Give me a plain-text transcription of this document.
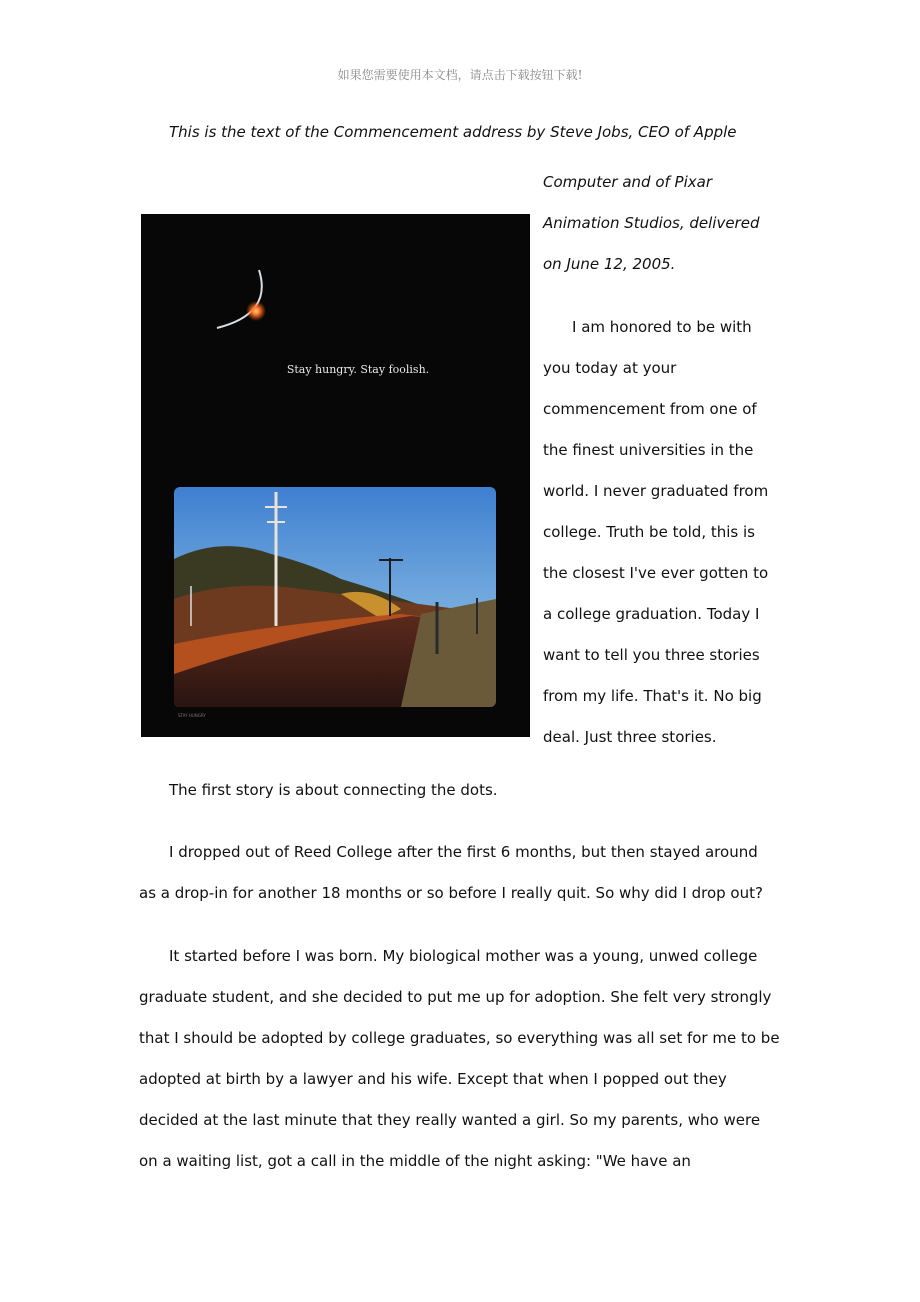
如果您需要使用本文档，请点击下载按钮下载!
This is the text of the Commencement address by Steve Jobs, CEO of Apple
Computer and of Pixar
Animation Studios, delivered
on June 12, 2005.
Stay hungry. Stay foolish.
STAY HUNGRY
I am honored to be with
you today at your
commencement from one of
the finest universities in the
world. I never graduated from
college. Truth be told, this is
the closest I've ever gotten to
a college graduation. Today I
want to tell you three stories
from my life. That's it. No big
deal. Just three stories.
The first story is about connecting the dots.
I dropped out of Reed College after the first 6 months, but then stayed around
as a drop-in for another 18 months or so before I really quit. So why did I drop out?
It started before I was born. My biological mother was a young, unwed college
graduate student, and she decided to put me up for adoption. She felt very strongly
that I should be adopted by college graduates, so everything was all set for me to be
adopted at birth by a lawyer and his wife. Except that when I popped out they
decided at the last minute that they really wanted a girl. So my parents, who were
on a waiting list, got a call in the middle of the night asking: "We have an
